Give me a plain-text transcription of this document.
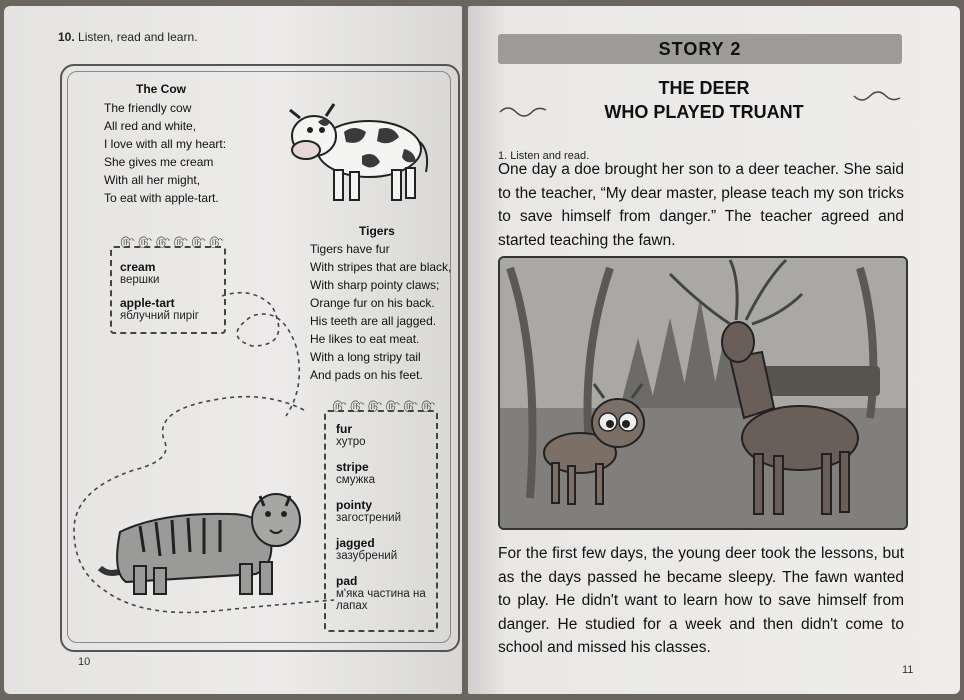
10. Listen, read and learn.
The Cow
The friendly cow
All red and white,
I love with all my heart:
She gives me cream
With all her might,
To eat with apple-tart.
௹ ௹ ௹ ௹ ௹ ௹
cream
вершки
apple-tart
яблучний пиріг
Tigers
Tigers have fur
With stripes that are black,
With sharp pointy claws;
Orange fur on his back.
His teeth are all jagged.
He likes to eat meat.
With a long stripy tail
And pads on his feet.
௹ ௹ ௹ ௹ ௹ ௹
fur
хутро
stripe
смужка
pointy
загострений
jagged
зазубрений
pad
м'яка частина на лапах
10
STORY 2
THE DEER
WHO PLAYED TRUANT
1. Listen and read.
One day a doe brought her son to a deer teacher. She said to the teacher, “My dear master, please teach my son tricks to save himself from danger.” The teacher agreed and started teaching the fawn.
For the first few days, the young deer took the lessons, but as the days passed he became sleepy. The fawn wanted to play. He didn't want to learn how to save himself from danger. He studied for a week and then didn't come to school and missed his classes.
11
